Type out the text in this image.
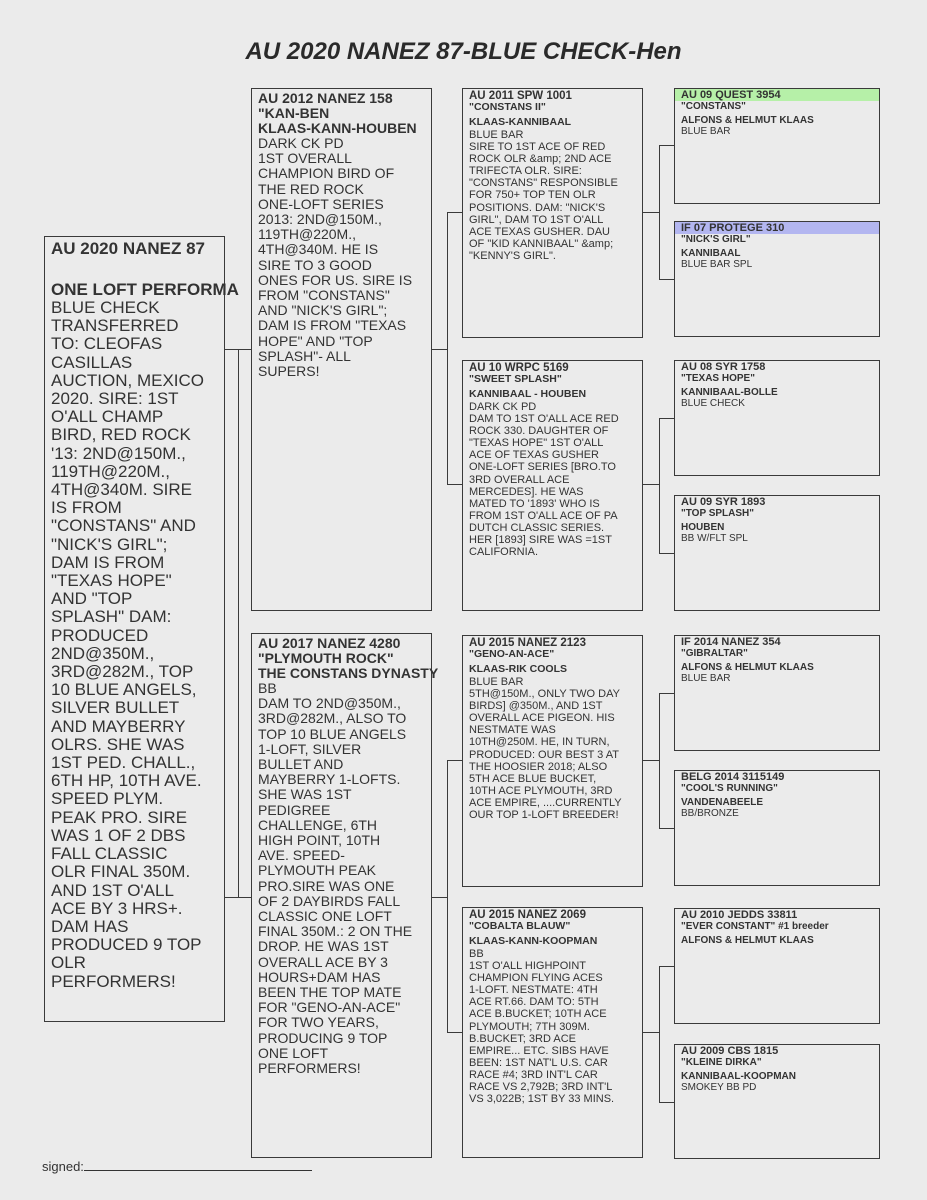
AU 2020 NANEZ 87-BLUE CHECK-Hen
AU 2020 NANEZ 87
ONE LOFT PERFORMA
BLUE CHECK
TRANSFERRED
TO: CLEOFAS
CASILLAS
AUCTION, MEXICO
2020. SIRE: 1ST
O'ALL CHAMP
BIRD, RED ROCK
'13: 2ND@150M.,
119TH@220M.,
4TH@340M. SIRE
IS FROM
"CONSTANS" AND
"NICK'S GIRL";
DAM IS FROM
"TEXAS HOPE"
AND "TOP
SPLASH" DAM:
PRODUCED
2ND@350M.,
3RD@282M., TOP
10 BLUE ANGELS,
SILVER BULLET
AND MAYBERRY
OLRS. SHE WAS
1ST PED. CHALL.,
6TH HP, 10TH AVE.
SPEED PLYM.
PEAK PRO. SIRE
WAS 1 OF 2 DBS
FALL CLASSIC
OLR FINAL 350M.
AND 1ST O'ALL
ACE BY 3 HRS+.
DAM HAS
PRODUCED 9 TOP
OLR
PERFORMERS!
AU 2012 NANEZ 158
"KAN-BEN
KLAAS-KANN-HOUBEN
DARK CK PD
1ST OVERALL
CHAMPION BIRD OF
THE RED ROCK
ONE-LOFT SERIES
2013: 2ND@150M.,
119TH@220M.,
4TH@340M. HE IS
SIRE TO 3 GOOD
ONES FOR US. SIRE IS
FROM "CONSTANS"
AND "NICK'S GIRL";
DAM IS FROM "TEXAS
HOPE" AND "TOP
SPLASH"- ALL
SUPERS!
AU 2017 NANEZ 4280
"PLYMOUTH ROCK"
THE CONSTANS DYNASTY
BB
DAM TO 2ND@350M.,
3RD@282M., ALSO TO
TOP 10 BLUE ANGELS
1-LOFT, SILVER
BULLET AND
MAYBERRY 1-LOFTS.
SHE WAS 1ST
PEDIGREE
CHALLENGE, 6TH
HIGH POINT, 10TH
AVE. SPEED-
PLYMOUTH PEAK
PRO.SIRE WAS ONE
OF 2 DAYBIRDS FALL
CLASSIC ONE LOFT
FINAL 350M.: 2 ON THE
DROP. HE WAS 1ST
OVERALL ACE BY 3
HOURS+DAM HAS
BEEN THE TOP MATE
FOR "GENO-AN-ACE"
FOR TWO YEARS,
PRODUCING 9 TOP
ONE LOFT
PERFORMERS!
AU 2011 SPW 1001
"CONSTANS II"
KLAAS-KANNIBAAL
BLUE BAR
SIRE TO 1ST ACE OF RED
ROCK OLR &amp; 2ND ACE
TRIFECTA OLR. SIRE:
"CONSTANS" RESPONSIBLE
FOR 750+ TOP TEN OLR
POSITIONS. DAM: "NICK'S
GIRL", DAM TO 1ST O'ALL
ACE TEXAS GUSHER. DAU
OF "KID KANNIBAAL" &amp;
"KENNY'S GIRL".
AU 10 WRPC 5169
"SWEET SPLASH"
KANNIBAAL - HOUBEN
DARK CK PD
DAM TO 1ST O'ALL ACE RED
ROCK 330. DAUGHTER OF
"TEXAS HOPE" 1ST O'ALL
ACE OF TEXAS GUSHER
ONE-LOFT SERIES [BRO.TO
3RD OVERALL ACE
MERCEDES]. HE WAS
MATED TO '1893' WHO IS
FROM 1ST O'ALL ACE OF PA
DUTCH CLASSIC SERIES.
HER [1893] SIRE WAS =1ST
CALIFORNIA.
AU 2015 NANEZ 2123
"GENO-AN-ACE"
KLAAS-RIK COOLS
BLUE BAR
5TH@150M., ONLY TWO DAY
BIRDS] @350M., AND 1ST
OVERALL ACE PIGEON. HIS
NESTMATE WAS
10TH@250M. HE, IN TURN,
PRODUCED: OUR BEST 3 AT
THE HOOSIER 2018; ALSO
5TH ACE BLUE BUCKET,
10TH ACE PLYMOUTH, 3RD
ACE EMPIRE, ....CURRENTLY
OUR TOP 1-LOFT BREEDER!
AU 2015 NANEZ 2069
"COBALTA BLAUW"
KLAAS-KANN-KOOPMAN
BB
1ST O'ALL HIGHPOINT
CHAMPION FLYING ACES
1-LOFT. NESTMATE: 4TH
ACE RT.66. DAM TO: 5TH
ACE B.BUCKET; 10TH ACE
PLYMOUTH; 7TH 309M.
B.BUCKET; 3RD ACE
EMPIRE... ETC. SIBS HAVE
BEEN: 1ST NAT'L U.S. CAR
RACE #4; 3RD INT'L CAR
RACE VS 2,792B; 3RD INT'L
VS 3,022B; 1ST BY 33 MINS.
AU 09 QUEST 3954
"CONSTANS"
ALFONS & HELMUT KLAAS
BLUE BAR
IF 07 PROTEGE 310
"NICK'S GIRL"
KANNIBAAL
BLUE BAR SPL
AU 08 SYR 1758
"TEXAS HOPE"
KANNIBAAL-BOLLE
BLUE CHECK
AU 09 SYR 1893
"TOP SPLASH"
HOUBEN
BB W/FLT SPL
IF 2014 NANEZ 354
"GIBRALTAR"
ALFONS & HELMUT KLAAS
BLUE BAR
BELG 2014 3115149
"COOL'S RUNNING"
VANDENABEELE
BB/BRONZE
AU 2010 JEDDS 33811
"EVER CONSTANT" #1 breeder
ALFONS & HELMUT KLAAS
AU 2009 CBS 1815
"KLEINE DIRKA"
KANNIBAAL-KOOPMAN
SMOKEY BB PD
signed:
